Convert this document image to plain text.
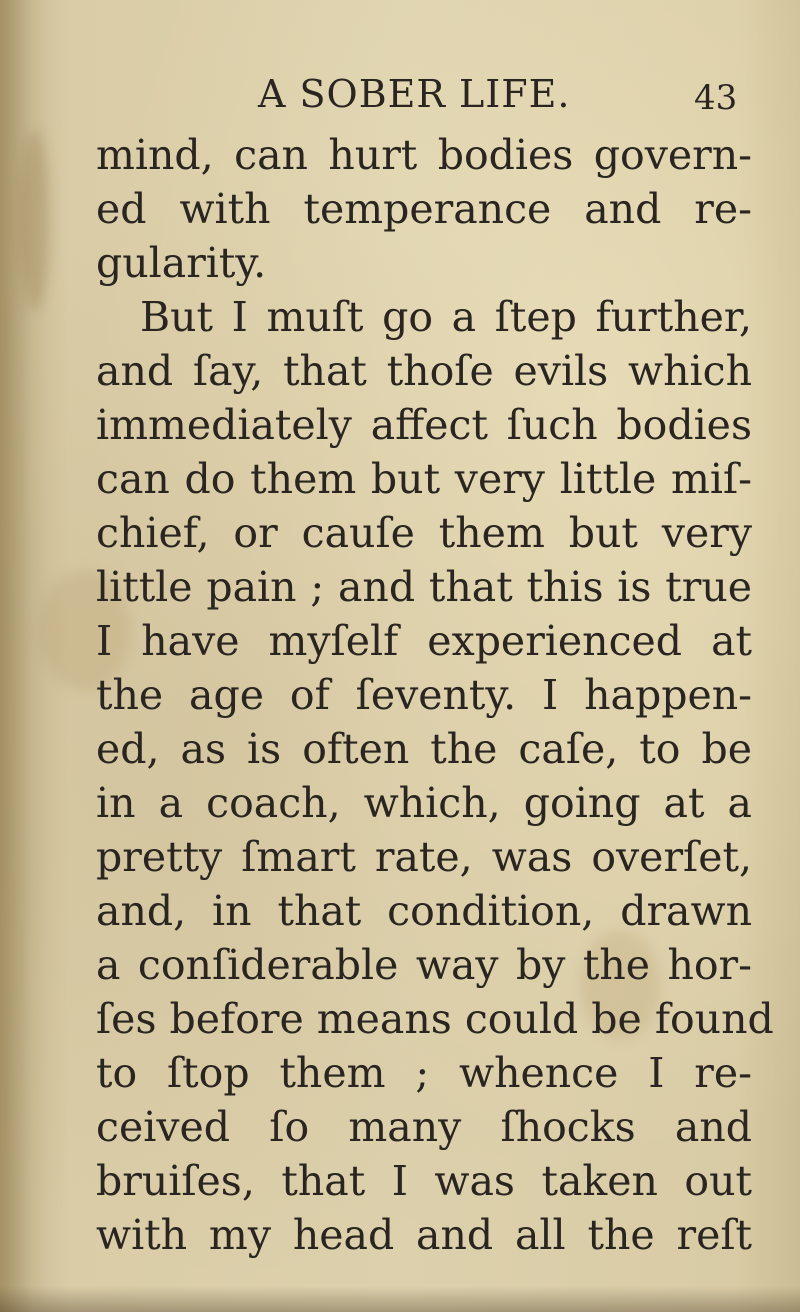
A SOBER LIFE.	43
mind, can hurt bodies govern-
ed with temperance and re-
gularity.
But I muſt go a ſtep further,
and ſay, that thoſe evils which
immediately affect ſuch bodies
can do them but very little miſ-
chief, or cauſe them but very
little pain ; and that this is true
I have myſelf experienced at
the age of ſeventy. I happen-
ed, as is often the caſe, to be
in a coach, which, going at a
pretty ſmart rate, was overſet,
and, in that condition, drawn
a conſiderable way by the hor-
ſes before means could be found
to ſtop them ; whence I re-
ceived ſo many ſhocks and
bruiſes, that I was taken out
with my head and all the reſt
